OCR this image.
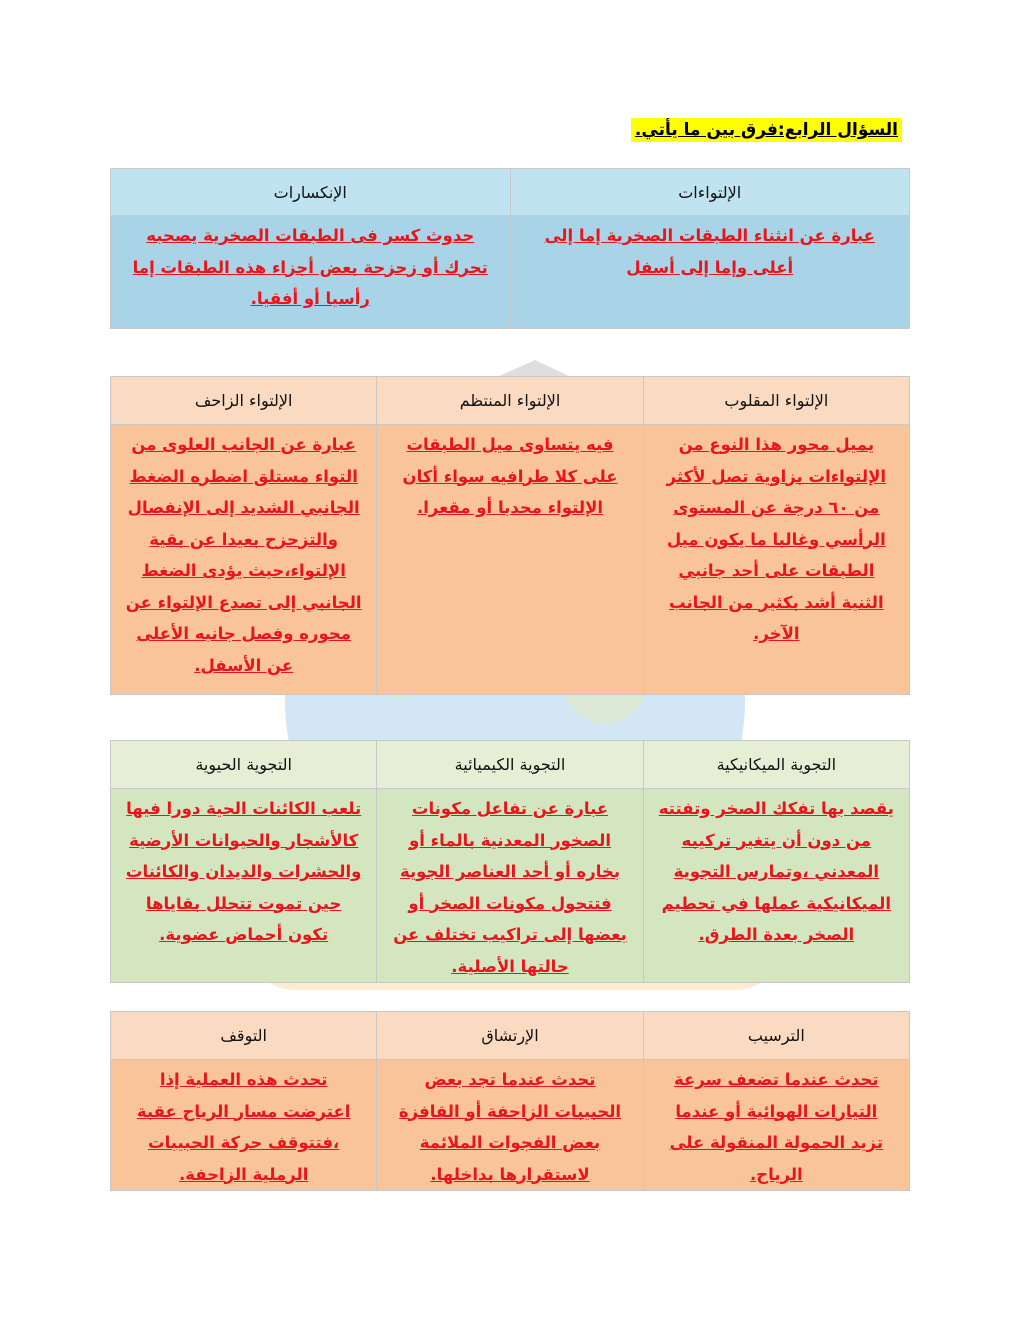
السؤال الرابع:فرق بين ما يأتي.
الإلتواءات	الإنكسارات
عبارة عن انثناء الطبقات الصخرية إما إلى أعلى وإما إلى أسفل	حدوث كسر فى الطبقات الصخرية يصحبه تحرك أو زحزحة بعض أجزاء هذه الطبقات إما رأسيا أو أفقيا.
الإلتواء المقلوب	الإلتواء المنتظم	الإلتواء الزاحف
يميل محور هذا النوع من الإلتواءات بزاوية تصل لأكثر من ٦٠ درجة عن المستوى الرأسي وغالبا ما يكون ميل الطبقات على أحد جانبي الثنية أشد بكثير من الجانب الآخر.	فيه يتساوى ميل الطبقات على كلا طرافيه سواء أكان الإلتواء محدبا أو مقعرا.	عبارة عن الجانب العلوى من التواء مستلق اضطره الضغط الجانبي الشديد إلى الإنفصال والتزحزح بعيدا عن بقية الإلتواء،حيث يؤدى الضغط الجانبي إلى تصدع الإلتواء عن محوره وفصل جانبه الأعلى عن الأسفل.
التجوية الميكانيكية	التجوية الكيميائية	التجوية الحيوية
يقصد بها تفكك الصخر وتفتته من دون أن يتغير تركيبه المعدني ،وتمارس التجوية الميكانيكية عملها في تحطيم الصخر بعدة الطرق.	عبارة عن تفاعل مكونات الصخور المعدنية بالماء أو بخاره أو أحد العناصر الجوية فتتحول مكونات الصخر أو بعضها إلى تراكيب تختلف عن حالتها الأصلية.	تلعب الكائنات الحية دورا فيها كالأشجار والحيوانات الأرضية والحشرات والديدان والكائنات حين تموت تتحلل بقاياها تكون أحماض عضوية.
الترسيب	الإرتشاق	التوقف
تحدث عندما تضعف سرعة التيارات الهوائية أو عندما تزيد الحمولة المنقولة على الرياح.	تحدث عندما تجد بعض الحبيبات الزاحفة أو القافزة بعض الفجوات الملائمة لاستقرارها بداخلها.	تحدث هذه العملية إذا اعترضت مسار الرياح عقبة ،فتتوقف حركة الحبيبات الرملية الزاحفة.
